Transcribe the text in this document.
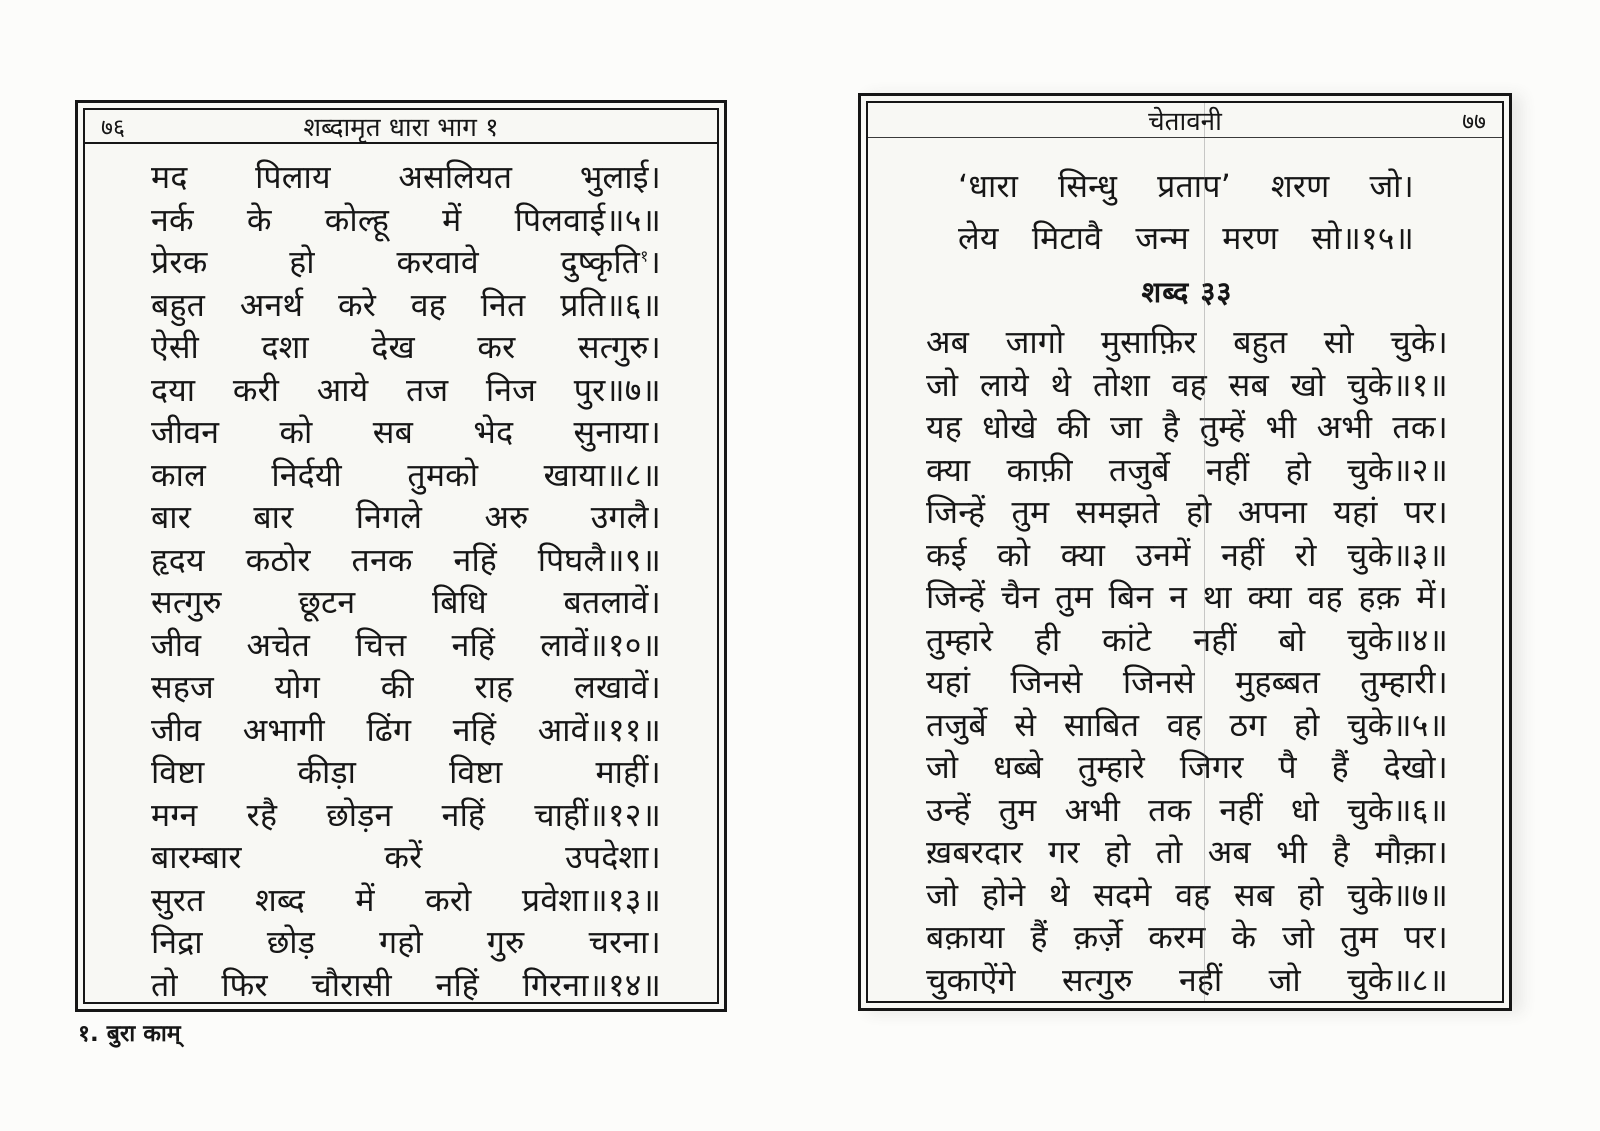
७६	शब्दामृत धारा भाग १
मद पिलाय असलियत भुलाई।
नर्क के कोल्हू में पिलवाई॥५॥
प्रेरक	हो	करवावे	दुष्कृति$^१$।
बहुत अनर्थ करे वह नित प्रति॥६॥
ऐसी दशा देख कर सत्गुरु।
दया करी आये तज निज पुर॥७॥
जीवन को सब भेद सुनाया।
काल निर्दयी तुमको खाया॥८॥
बार बार निगले अरु उगलै।
हृदय कठोर तनक नहिं पिघलै॥९॥
सत्गुरु छूटन बिधि बतलावें।
जीव अचेत चित्त नहिं लावें॥१०॥
सहज योग की राह लखावें।
जीव अभागी ढिंग नहिं आवें॥११॥
विष्टा	कीड़ा	विष्टा	माहीं।
मग्न रहै छोड़न नहिं चाहीं॥१२॥
बारम्बार	करें	उपदेशा।
सुरत शब्द में करो प्रवेशा॥१३॥
निद्रा छोड़ गहो गुरु चरना।
तो फिर चौरासी नहिं गिरना॥१४॥
१. बुरा काम्
चेतावनी	७७
‘धारा सिन्धु प्रताप’ शरण जो।
लेय मिटावै जन्म मरण सो॥१५॥
शब्द ३३
अब जागो मुसाफ़िर बहुत सो चुके।
जो लाये थे तोशा वह सब खो चुके॥१॥
यह धोखे की जा है तुम्हें भी अभी तक।
क्या काफ़ी तजुर्बे नहीं हो चुके॥२॥
जिन्हें तुम समझते हो अपना यहां पर।
कई को क्या उनमें नहीं रो चुके॥३॥
जिन्हें चैन तुम बिन न था क्या वह हक़ में।
तुम्हारे ही कांटे नहीं बो चुके॥४॥
यहां जिनसे जिनसे मुहब्बत तुम्हारी।
तजुर्बे से साबित वह ठग हो चुके॥५॥
जो धब्बे तुम्हारे जिगर पै हैं देखो।
उन्हें तुम अभी तक नहीं धो चुके॥६॥
ख़बरदार गर हो तो अब भी है मौक़ा।
जो होने थे सदमे वह सब हो चुके॥७॥
बक़ाया हैं क़र्ज़े करम के जो तुम पर।
चुकाऐंगे सत्गुरु नहीं जो चुके॥८॥
